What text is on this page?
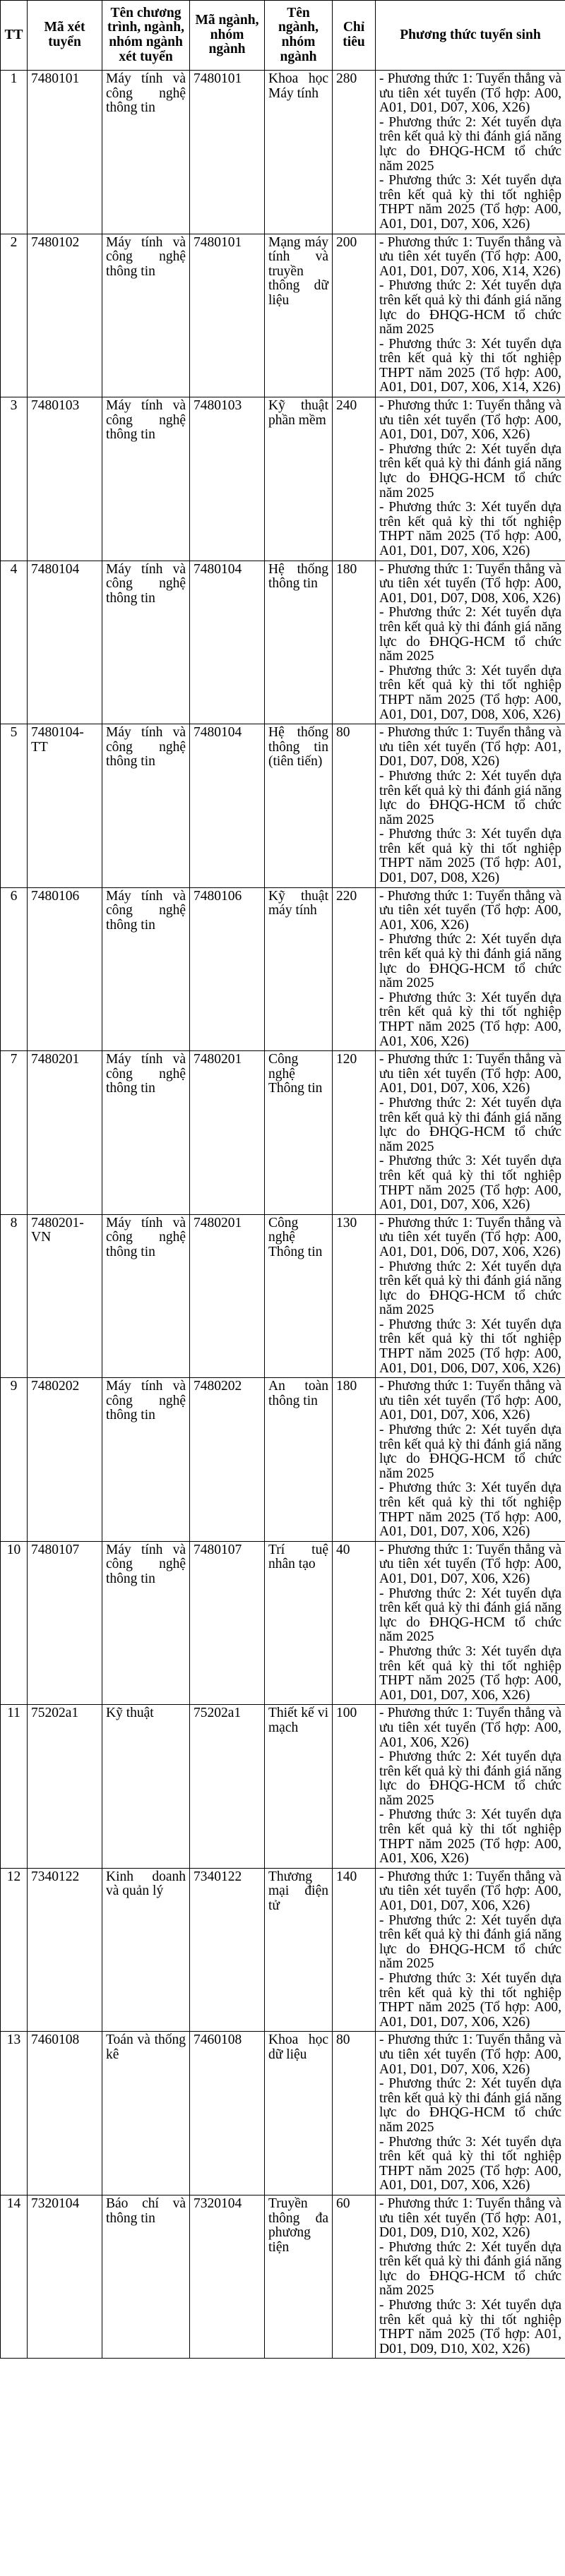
TT	Mã xét tuyển	Tên chương trình, ngành, nhóm ngành xét tuyển	Mã ngành, nhóm ngành	Tên ngành, nhóm ngành	Chỉ tiêu	Phương thức tuyển sinh
1	7480101	Máy tính và công nghệ thông tin	7480101	Khoa học Máy tính	280	- Phương thức 1: Tuyển thẳng và ưu tiên xét tuyển (Tổ hợp: A00, A01, D01, D07, X06, X26)
- Phương thức 2: Xét tuyển dựa trên kết quả kỳ thi đánh giá năng lực do ĐHQG-HCM tổ chức năm 2025
- Phương thức 3: Xét tuyển dựa trên kết quả kỳ thi tốt nghiệp THPT năm 2025 (Tổ hợp: A00, A01, D01, D07, X06, X26)

2	7480102	Máy tính và công nghệ thông tin	7480101	Mạng máy tính và truyền thông dữ liệu	200	- Phương thức 1: Tuyển thẳng và ưu tiên xét tuyển (Tổ hợp: A00, A01, D01, D07, X06, X14, X26)
- Phương thức 2: Xét tuyển dựa trên kết quả kỳ thi đánh giá năng lực do ĐHQG-HCM tổ chức năm 2025
- Phương thức 3: Xét tuyển dựa trên kết quả kỳ thi tốt nghiệp THPT năm 2025 (Tổ hợp: A00, A01, D01, D07, X06, X14, X26)

3	7480103	Máy tính và công nghệ thông tin	7480103	Kỹ thuật phần mềm	240	- Phương thức 1: Tuyển thẳng và ưu tiên xét tuyển (Tổ hợp: A00, A01, D01, D07, X06, X26)
- Phương thức 2: Xét tuyển dựa trên kết quả kỳ thi đánh giá năng lực do ĐHQG-HCM tổ chức năm 2025
- Phương thức 3: Xét tuyển dựa trên kết quả kỳ thi tốt nghiệp THPT năm 2025 (Tổ hợp: A00, A01, D01, D07, X06, X26)

4	7480104	Máy tính và công nghệ thông tin	7480104	Hệ thống thông tin	180	- Phương thức 1: Tuyển thẳng và ưu tiên xét tuyển (Tổ hợp: A00, A01, D01, D07, D08, X06, X26)
- Phương thức 2: Xét tuyển dựa trên kết quả kỳ thi đánh giá năng lực do ĐHQG-HCM tổ chức năm 2025
- Phương thức 3: Xét tuyển dựa trên kết quả kỳ thi tốt nghiệp THPT năm 2025 (Tổ hợp: A00, A01, D01, D07, D08, X06, X26)

5	7480104-TT	Máy tính và công nghệ thông tin	7480104	Hệ thống thông tin (tiên tiến)	80	- Phương thức 1: Tuyển thẳng và ưu tiên xét tuyển (Tổ hợp: A01, D01, D07, D08, X26)
- Phương thức 2: Xét tuyển dựa trên kết quả kỳ thi đánh giá năng lực do ĐHQG-HCM tổ chức năm 2025
- Phương thức 3: Xét tuyển dựa trên kết quả kỳ thi tốt nghiệp THPT năm 2025 (Tổ hợp: A01, D01, D07, D08, X26)

6	7480106	Máy tính và công nghệ thông tin	7480106	Kỹ thuật máy tính	220	- Phương thức 1: Tuyển thẳng và ưu tiên xét tuyển (Tổ hợp: A00, A01, X06, X26)
- Phương thức 2: Xét tuyển dựa trên kết quả kỳ thi đánh giá năng lực do ĐHQG-HCM tổ chức năm 2025
- Phương thức 3: Xét tuyển dựa trên kết quả kỳ thi tốt nghiệp THPT năm 2025 (Tổ hợp: A00, A01, X06, X26)

7	7480201	Máy tính và công nghệ thông tin	7480201	Công nghệ Thông tin	120	- Phương thức 1: Tuyển thẳng và ưu tiên xét tuyển (Tổ hợp: A00, A01, D01, D07, X06, X26)
- Phương thức 2: Xét tuyển dựa trên kết quả kỳ thi đánh giá năng lực do ĐHQG-HCM tổ chức năm 2025
- Phương thức 3: Xét tuyển dựa trên kết quả kỳ thi tốt nghiệp THPT năm 2025 (Tổ hợp: A00, A01, D01, D07, X06, X26)

8	7480201-VN	Máy tính và công nghệ thông tin	7480201	Công nghệ Thông tin	130	- Phương thức 1: Tuyển thẳng và ưu tiên xét tuyển (Tổ hợp: A00, A01, D01, D06, D07, X06, X26)
- Phương thức 2: Xét tuyển dựa trên kết quả kỳ thi đánh giá năng lực do ĐHQG-HCM tổ chức năm 2025
- Phương thức 3: Xét tuyển dựa trên kết quả kỳ thi tốt nghiệp THPT năm 2025 (Tổ hợp: A00, A01, D01, D06, D07, X06, X26)

9	7480202	Máy tính và công nghệ thông tin	7480202	An toàn thông tin	180	- Phương thức 1: Tuyển thẳng và ưu tiên xét tuyển (Tổ hợp: A00, A01, D01, D07, X06, X26)
- Phương thức 2: Xét tuyển dựa trên kết quả kỳ thi đánh giá năng lực do ĐHQG-HCM tổ chức năm 2025
- Phương thức 3: Xét tuyển dựa trên kết quả kỳ thi tốt nghiệp THPT năm 2025 (Tổ hợp: A00, A01, D01, D07, X06, X26)

10	7480107	Máy tính và công nghệ thông tin	7480107	Trí tuệ nhân tạo	40	- Phương thức 1: Tuyển thẳng và ưu tiên xét tuyển (Tổ hợp: A00, A01, D01, D07, X06, X26)
- Phương thức 2: Xét tuyển dựa trên kết quả kỳ thi đánh giá năng lực do ĐHQG-HCM tổ chức năm 2025
- Phương thức 3: Xét tuyển dựa trên kết quả kỳ thi tốt nghiệp THPT năm 2025 (Tổ hợp: A00, A01, D01, D07, X06, X26)

11	75202a1	Kỹ thuật	75202a1	Thiết kế vi mạch	100	- Phương thức 1: Tuyển thẳng và ưu tiên xét tuyển (Tổ hợp: A00, A01, X06, X26)
- Phương thức 2: Xét tuyển dựa trên kết quả kỳ thi đánh giá năng lực do ĐHQG-HCM tổ chức năm 2025
- Phương thức 3: Xét tuyển dựa trên kết quả kỳ thi tốt nghiệp THPT năm 2025 (Tổ hợp: A00, A01, X06, X26)

12	7340122	Kinh doanh và quản lý	7340122	Thương mại điện tử	140	- Phương thức 1: Tuyển thẳng và ưu tiên xét tuyển (Tổ hợp: A00, A01, D01, D07, X06, X26)
- Phương thức 2: Xét tuyển dựa trên kết quả kỳ thi đánh giá năng lực do ĐHQG-HCM tổ chức năm 2025
- Phương thức 3: Xét tuyển dựa trên kết quả kỳ thi tốt nghiệp THPT năm 2025 (Tổ hợp: A00, A01, D01, D07, X06, X26)

13	7460108	Toán và thống kê	7460108	Khoa học dữ liệu	80	- Phương thức 1: Tuyển thẳng và ưu tiên xét tuyển (Tổ hợp: A00, A01, D01, D07, X06, X26)
- Phương thức 2: Xét tuyển dựa trên kết quả kỳ thi đánh giá năng lực do ĐHQG-HCM tổ chức năm 2025
- Phương thức 3: Xét tuyển dựa trên kết quả kỳ thi tốt nghiệp THPT năm 2025 (Tổ hợp: A00, A01, D01, D07, X06, X26)

14	7320104	Báo chí và thông tin	7320104	Truyền thông đa phương tiện	60	- Phương thức 1: Tuyển thẳng và ưu tiên xét tuyển (Tổ hợp: A01, D01, D09, D10, X02, X26)
- Phương thức 2: Xét tuyển dựa trên kết quả kỳ thi đánh giá năng lực do ĐHQG-HCM tổ chức năm 2025
- Phương thức 3: Xét tuyển dựa trên kết quả kỳ thi tốt nghiệp THPT năm 2025 (Tổ hợp: A01, D01, D09, D10, X02, X26)
